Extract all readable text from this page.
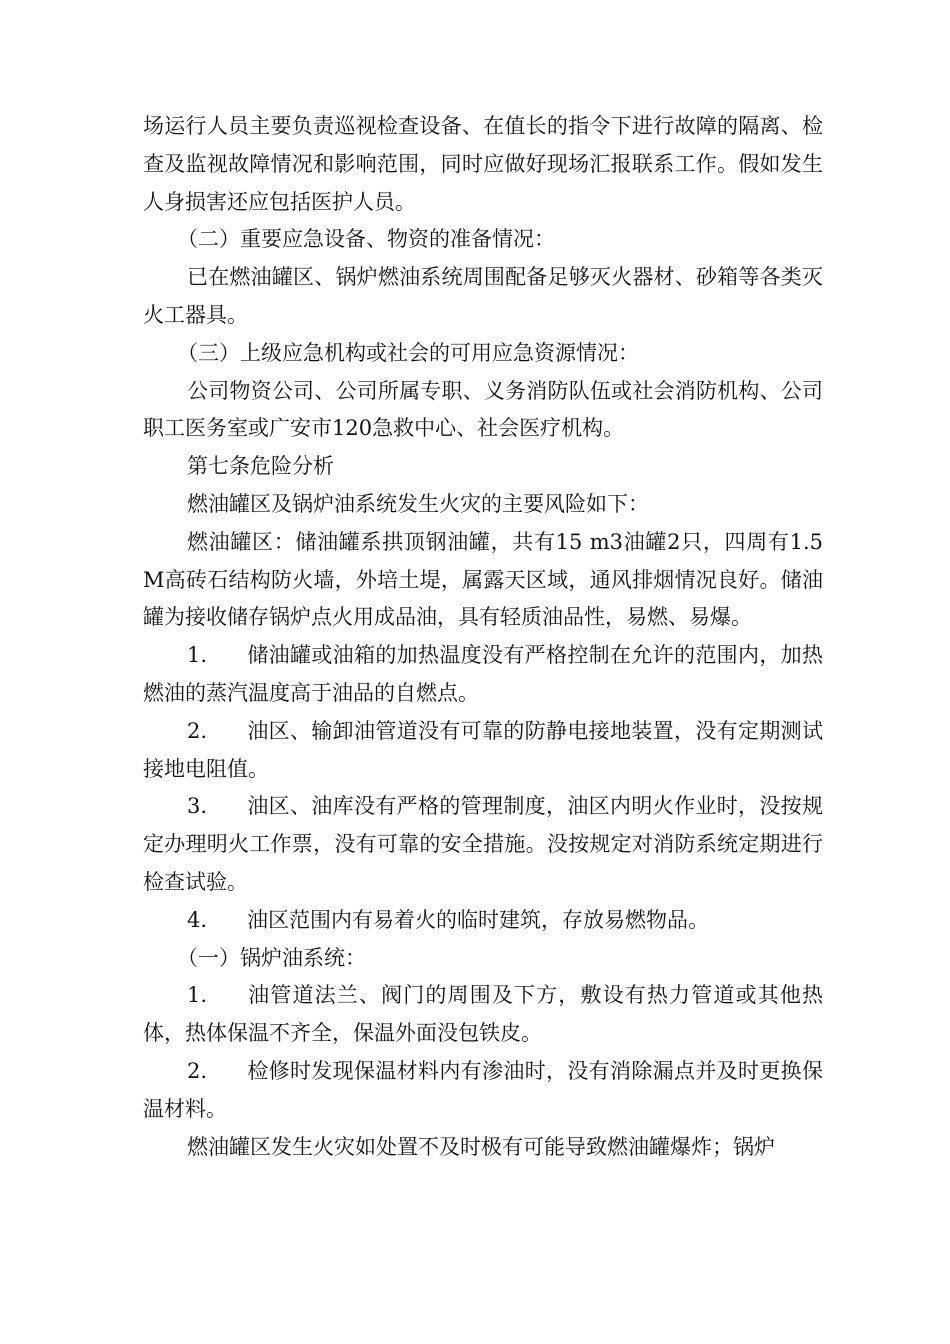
场运行人员主要负责巡视检查设备、在值长的指令下进行故障的隔离、检查及监视故障情况和影响范围，同时应做好现场汇报联系工作。假如发生人身损害还应包括医护人员。

（二）重要应急设备、物资的准备情况：

已在燃油罐区、锅炉燃油系统周围配备足够灭火器材、砂箱等各类灭火工器具。

（三）上级应急机构或社会的可用应急资源情况：

公司物资公司、公司所属专职、义务消防队伍或社会消防机构、公司职工医务室或广安市120急救中心、社会医疗机构。

第七条危险分析

燃油罐区及锅炉油系统发生火灾的主要风险如下：

燃油罐区：储油罐系拱顶钢油罐，共有15 m3油罐2只，四周有1.5M高砖石结构防火墙，外培土堤，属露天区域，通风排烟情况良好。储油罐为接收储存锅炉点火用成品油，具有轻质油品性，易燃、易爆。

1. 储油罐或油箱的加热温度没有严格控制在允许的范围内，加热燃油的蒸汽温度高于油品的自燃点。

2. 油区、输卸油管道没有可靠的防静电接地装置，没有定期测试接地电阻值。

3. 油区、油库没有严格的管理制度，油区内明火作业时，没按规定办理明火工作票，没有可靠的安全措施。没按规定对消防系统定期进行检查试验。

4. 油区范围内有易着火的临时建筑，存放易燃物品。

（一）锅炉油系统：

1. 油管道法兰、阀门的周围及下方，敷设有热力管道或其他热体，热体保温不齐全，保温外面没包铁皮。

2. 检修时发现保温材料内有渗油时，没有消除漏点并及时更换保温材料。

燃油罐区发生火灾如处置不及时极有可能导致燃油罐爆炸；锅炉
